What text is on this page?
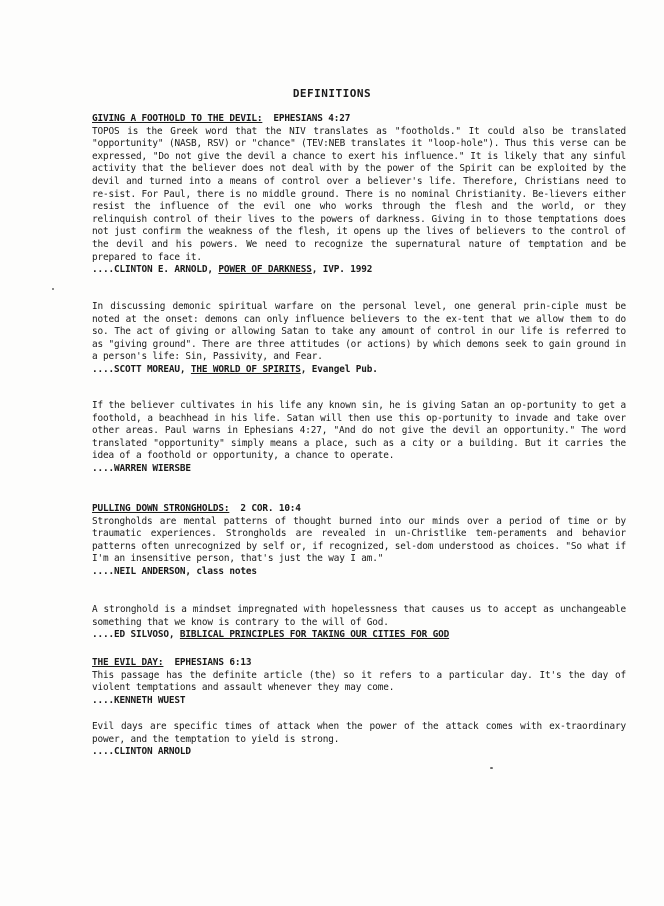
DEFINITIONS
GIVING A FOOTHOLD TO THE DEVIL: EPHESIANS 4:27

TOPOS is the Greek word that the NIV translates as "footholds." It could also be translated "opportunity" (NASB, RSV) or "chance" (TEV:NEB translates it "loop-hole"). Thus this verse can be expressed, "Do not give the devil a chance to exert his influence." It is likely that any sinful activity that the believer does not deal with by the power of the Spirit can be exploited by the devil and turned into a means of control over a believer's life. Therefore, Christians need to re-sist. For Paul, there is no middle ground. There is no nominal Christianity. Be-lievers either resist the influence of the evil one who works through the flesh and the world, or they relinquish control of their lives to the powers of darkness. Giving in to those temptations does not just confirm the weakness of the flesh, it opens up the lives of believers to the control of the devil and his powers. We need to recognize the supernatural nature of temptation and be prepared to face it.

....CLINTON E. ARNOLD, POWER OF DARKNESS, IVP. 1992

In discussing demonic spiritual warfare on the personal level, one general prin-ciple must be noted at the onset: demons can only influence believers to the ex-tent that we allow them to do so. The act of giving or allowing Satan to take any amount of control in our life is referred to as "giving ground". There are three attitudes (or actions) by which demons seek to gain ground in a person's life: Sin, Passivity, and Fear.

....SCOTT MOREAU, THE WORLD OF SPIRITS, Evangel Pub.

If the believer cultivates in his life any known sin, he is giving Satan an op-portunity to get a foothold, a beachhead in his life. Satan will then use this op-portunity to invade and take over other areas. Paul warns in Ephesians 4:27, "And do not give the devil an opportunity." The word translated "opportunity" simply means a place, such as a city or a building. But it carries the idea of a foothold or opportunity, a chance to operate.

....WARREN WIERSBE

PULLING DOWN STRONGHOLDS: 2 COR. 10:4

Strongholds are mental patterns of thought burned into our minds over a period of time or by traumatic experiences. Strongholds are revealed in un-Christlike tem-peraments and behavior patterns often unrecognized by self or, if recognized, sel-dom understood as choices. "So what if I'm an insensitive person, that's just the way I am."

....NEIL ANDERSON, class notes

A stronghold is a mindset impregnated with hopelessness that causes us to accept as unchangeable something that we know is contrary to the will of God.

....ED SILVOSO, BIBLICAL PRINCIPLES FOR TAKING OUR CITIES FOR GOD

THE EVIL DAY: EPHESIANS 6:13

This passage has the definite article (the) so it refers to a particular day. It's the day of violent temptations and assault whenever they may come.

....KENNETH WUEST

Evil days are specific times of attack when the power of the attack comes with ex-traordinary power, and the temptation to yield is strong.

....CLINTON ARNOLD
